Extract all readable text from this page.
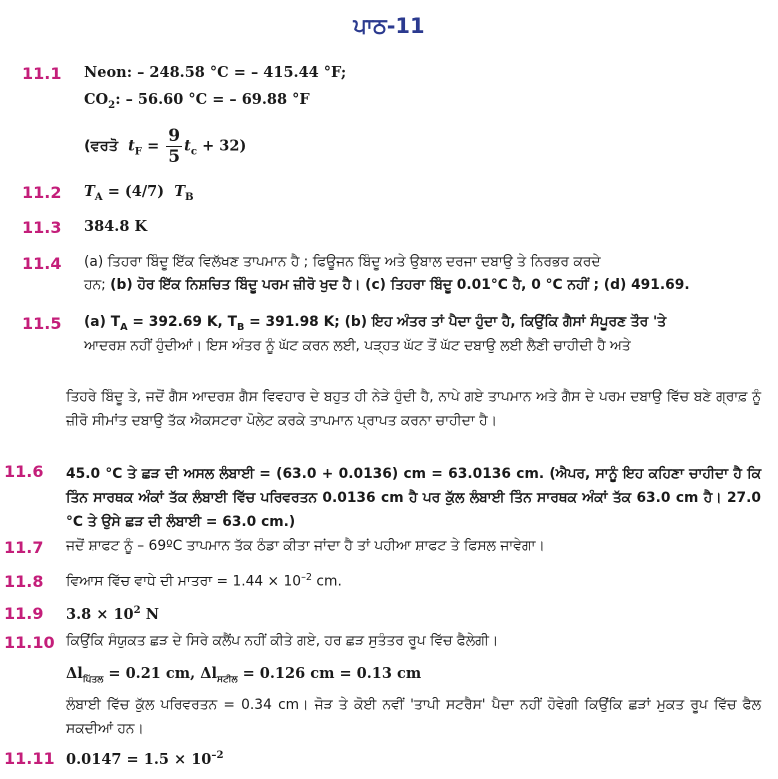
ਪਾਠ-11
11.1 Neon: – 248.58 °C = – 415.44 °F;
$CO_2$: – 56.60 °C = – 69.88 °F
(ਵਰਤੋ $t_F = \frac{9}{5} t_c + 32$)
11.2 $T_A = (4/7)$ $T_B$
11.3 384.8 K
11.4 (a) ਤਿਹਰਾ ਬਿੰਦੂ ਇੱਕ ਵਿਲੱਖਣ ਤਾਪਮਾਨ ਹੈ ; ਫਿਊਜਨ ਬਿੰਦੂ ਅਤੇ ਉਬਾਲ ਦਰਜਾ ਦਬਾਉ ਤੇ ਨਿਰਭਰ ਕਰਦੇ
ਹਨ; (b) ਹੋਰ ਇੱਕ ਨਿਸ਼ਚਿਤ ਬਿੰਦੂ ਪਰਮ ਜ਼ੀਰੋ ਖੁਦ ਹੈ। (c) ਤਿਹਰਾ ਬਿੰਦੂ 0.01°C ਹੈ, 0 °C ਨਹੀਂ ; (d) 491.69.
11.5 (a) $T_A = 392.69$ K, $T_B = 391.98$ K; (b) ਇਹ ਅੰਤਰ ਤਾਂ ਪੈਦਾ ਹੁੰਦਾ ਹੈ, ਕਿਉਂਕਿ ਗੈਸਾਂ ਸੰਪੂਰਣ ਤੌਰ 'ਤੇ
ਆਦਰਸ਼ ਨਹੀਂ ਹੁੰਦੀਆਂ। ਇਸ ਅੰਤਰ ਨੂੰ ਘੱਟ ਕਰਨ ਲਈ, ਪੜ੍ਹਤ ਘੱਟ ਤੋਂ ਘੱਟ ਦਬਾਉ ਲਈ ਲੈਣੀ ਚਾਹੀਦੀ ਹੈ ਅਤੇ
ਤਿਹਰੇ ਬਿੰਦੂ ਤੇ, ਜਦੋਂ ਗੈਸ ਆਦਰਸ਼ ਗੈਸ ਵਿਵਹਾਰ ਦੇ ਬਹੁਤ ਹੀ ਨੇੜੇ ਹੁੰਦੀ ਹੈ, ਨਾਪੇ ਗਏ ਤਾਪਮਾਨ ਅਤੇ ਗੈਸ ਦੇ ਪਰਮ ਦਬਾਉ ਵਿੱਚ ਬਣੇ ਗ੍ਰਾਫ਼ ਨੂੰ ਜ਼ੀਰੋ ਸੀਮਾਂਤ ਦਬਾਉ ਤੱਕ ਐਕਸਟਰਾ ਪੋਲੇਟ ਕਰਕੇ ਤਾਪਮਾਨ ਪ੍ਰਾਪਤ ਕਰਨਾ ਚਾਹੀਦਾ ਹੈ।
11.6 45.0 °C ਤੇ ਛੜ ਦੀ ਅਸਲ ਲੰਬਾਈ = (63.0 + 0.0136) cm = 63.0136 cm. (ਐਪਰ, ਸਾਨੂੰ ਇਹ ਕਹਿਣਾ ਚਾਹੀਦਾ ਹੈ ਕਿ ਤਿੰਨ ਸਾਰਥਕ ਅੰਕਾਂ ਤੱਕ ਲੰਬਾਈ ਵਿੱਚ ਪਰਿਵਰਤਨ 0.0136 cm ਹੈ ਪਰ ਕੁੱਲ ਲੰਬਾਈ ਤਿੰਨ ਸਾਰਥਕ ਅੰਕਾਂ ਤੱਕ 63.0 cm ਹੈ। 27.0 °C ਤੇ ਉਸੇ ਛੜ ਦੀ ਲੰਬਾਈ = 63.0 cm.)
11.7 ਜਦੋਂ ਸ਼ਾਫਟ ਨੂੰ – 69ºC ਤਾਪਮਾਨ ਤੱਕ ਠੰਡਾ ਕੀਤਾ ਜਾਂਦਾ ਹੈ ਤਾਂ ਪਹੀਆ ਸ਼ਾਫਟ ਤੇ ਫਿਸਲ ਜਾਵੇਗਾ।
11.8 ਵਿਆਸ ਵਿੱਚ ਵਾਧੇ ਦੀ ਮਾਤਰਾ = $1.44 \times 10^{-2}$ cm.
11.9 $3.8 \times 10^2$ N
11.10 ਕਿਉਂਕਿ ਸੰਯੁਕਤ ਛੜ ਦੇ ਸਿਰੇ ਕਲੈਂਪ ਨਹੀਂ ਕੀਤੇ ਗਏ, ਹਰ ਛੜ ਸੁਤੰਤਰ ਰੂਪ ਵਿੱਚ ਫੈਲੇਗੀ।
$\Delta l_{ਪਿੱਤਲ} = 0.21$ cm, $\Delta l_{ਸਟੀਲ} = 0.126$ cm = 0.13 cm
ਲੰਬਾਈ ਵਿੱਚ ਕੁੱਲ ਪਰਿਵਰਤਨ = 0.34 cm। ਜੋੜ ਤੇ ਕੋਈ ਨਵੀਂ 'ਤਾਪੀ ਸਟਰੈਸ' ਪੈਦਾ ਨਹੀਂ ਹੋਵੇਗੀ ਕਿਉਂਕਿ ਛੜਾਂ ਮੁਕਤ ਰੂਪ ਵਿੱਚ ਫੈਲ ਸਕਦੀਆਂ ਹਨ।
11.11 $0.0147 = 1.5 \times 10^{-2}$
